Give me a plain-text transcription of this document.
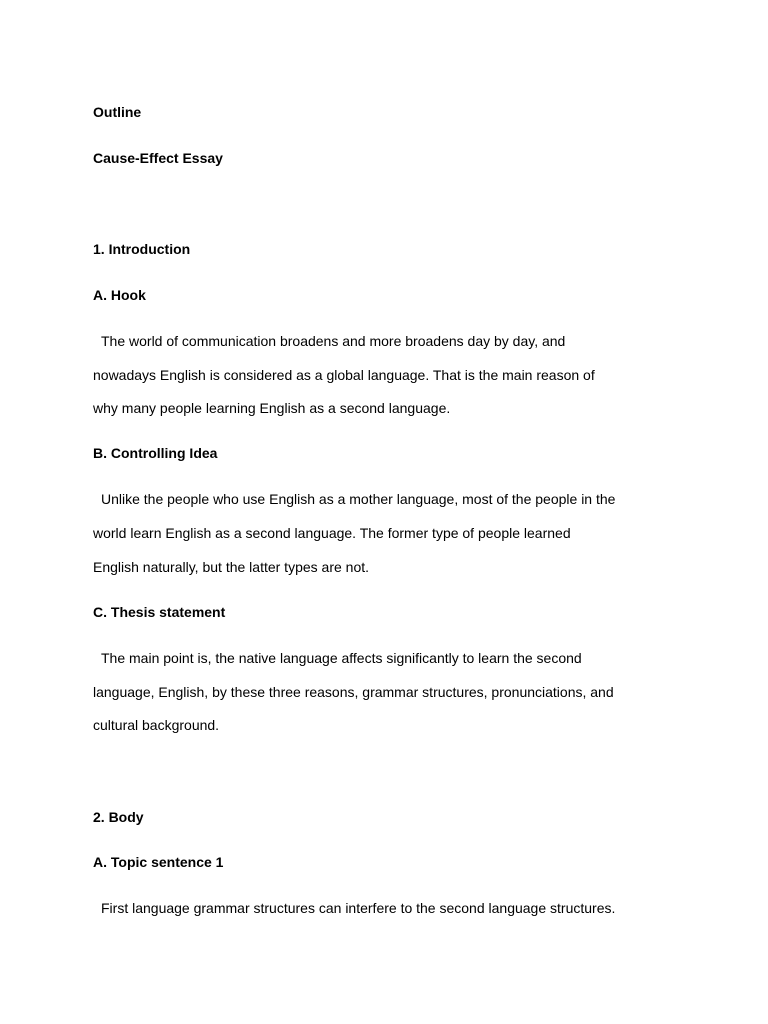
Outline
Cause-Effect Essay
1. Introduction
A. Hook
The world of communication broadens and more broadens day by day, and
nowadays English is considered as a global language. That is the main reason of
why many people learning English as a second language.
B. Controlling Idea
Unlike the people who use English as a mother language, most of the people in the
world learn English as a second language. The former type of people learned
English naturally, but the latter types are not.
C. Thesis statement
The main point is, the native language affects significantly to learn the second
language, English, by these three reasons, grammar structures, pronunciations, and
cultural background.
2. Body
A. Topic sentence 1
First language grammar structures can interfere to the second language structures.
